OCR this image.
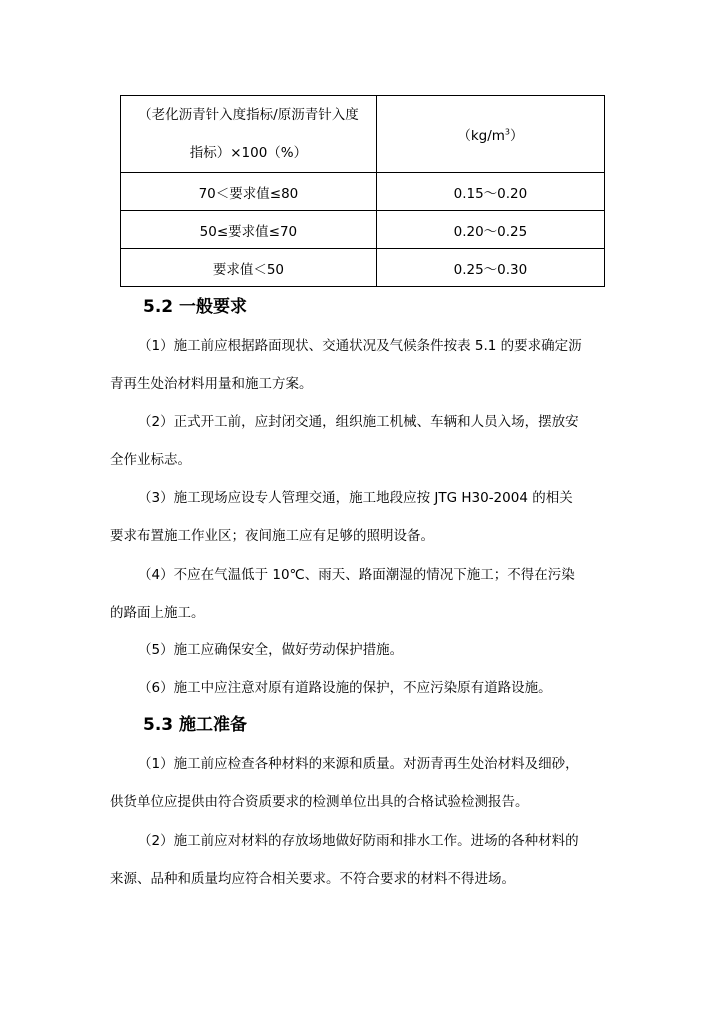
（老化沥青针入度指标/原沥青针入度
指标）×100（%）	$(kg/m^3)$
70＜要求值≤80	0.15～0.20
50≤要求值≤70	0.20～0.25
要求值＜50	0.25～0.30
5.2 一般要求

（1）施工前应根据路面现状、交通状况及气候条件按表 5.1 的要求确定沥

青再生处治材料用量和施工方案。

（2）正式开工前，应封闭交通，组织施工机械、车辆和人员入场，摆放安

全作业标志。

（3）施工现场应设专人管理交通，施工地段应按 JTG H30-2004 的相关

要求布置施工作业区；夜间施工应有足够的照明设备。

（4）不应在气温低于 10℃、雨天、路面潮湿的情况下施工；不得在污染

的路面上施工。

（5）施工应确保安全，做好劳动保护措施。

（6）施工中应注意对原有道路设施的保护，不应污染原有道路设施。

5.3 施工准备

（1）施工前应检查各种材料的来源和质量。对沥青再生处治材料及细砂，

供货单位应提供由符合资质要求的检测单位出具的合格试验检测报告。

（2）施工前应对材料的存放场地做好防雨和排水工作。进场的各种材料的

来源、品种和质量均应符合相关要求。不符合要求的材料不得进场。
